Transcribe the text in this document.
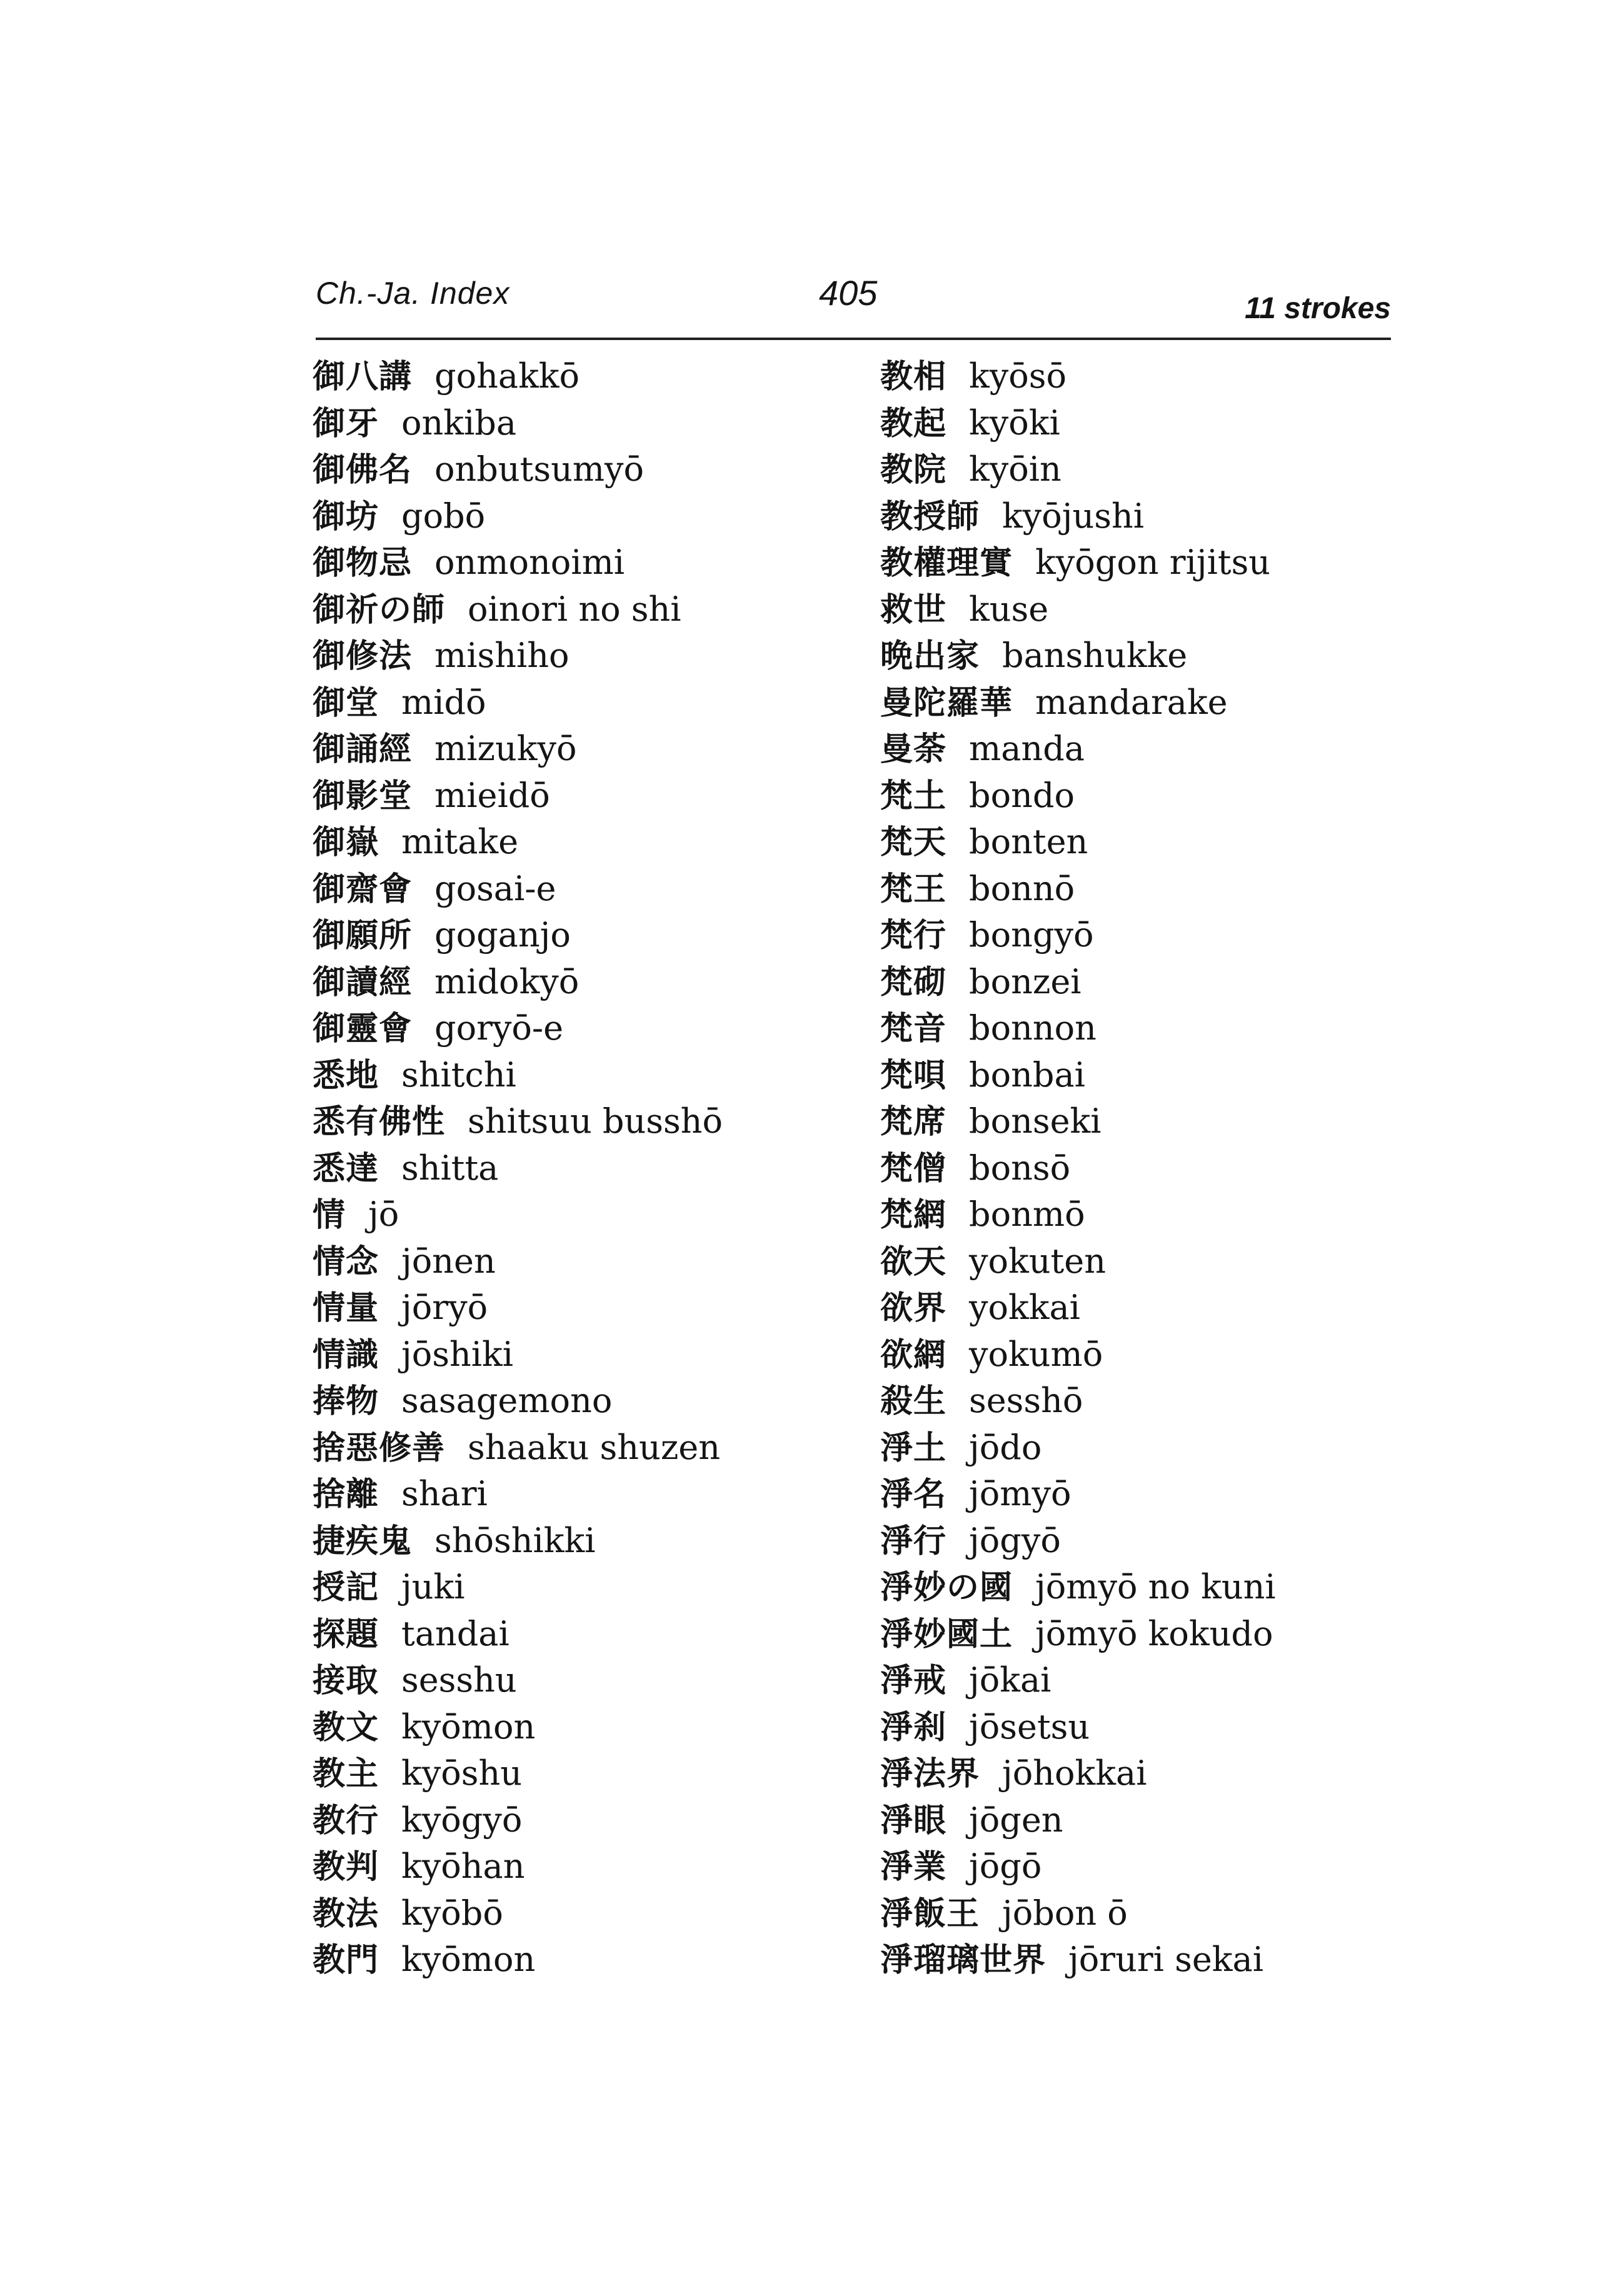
Ch.-Ja. Index	405	11 strokes
御八講 gohakkō
御牙 onkiba
御佛名 onbutsumyō
御坊 gobō
御物忌 onmonoimi
御祈の師 oinori no shi
御修法 mishiho
御堂 midō
御誦經 mizukyō
御影堂 mieidō
御嶽 mitake
御齋會 gosai-e
御願所 goganjo
御讀經 midokyō
御靈會 goryō-e
悉地 shitchi
悉有佛性 shitsuu busshō
悉達 shitta
情 jō
情念 jōnen
情量 jōryō
情識 jōshiki
捧物 sasagemono
捨惡修善 shaaku shuzen
捨離 shari
捷疾鬼 shōshikki
授記 juki
探題 tandai
接取 sesshu
教文 kyōmon
教主 kyōshu
教行 kyōgyō
教判 kyōhan
教法 kyōbō
教門 kyōmon
教相 kyōsō
教起 kyōki
教院 kyōin
教授師 kyōjushi
教權理實 kyōgon rijitsu
救世 kuse
晩出家 banshukke
曼陀羅華 mandarake
曼荼 manda
梵土 bondo
梵天 bonten
梵王 bonnō
梵行 bongyō
梵砌 bonzei
梵音 bonnon
梵唄 bonbai
梵席 bonseki
梵僧 bonsō
梵網 bonmō
欲天 yokuten
欲界 yokkai
欲網 yokumō
殺生 sesshō
淨土 jōdo
淨名 jōmyō
淨行 jōgyō
淨妙の國 jōmyō no kuni
淨妙國土 jōmyō kokudo
淨戒 jōkai
淨刹 jōsetsu
淨法界 jōhokkai
淨眼 jōgen
淨業 jōgō
淨飯王 jōbon ō
淨瑠璃世界 jōruri sekai
